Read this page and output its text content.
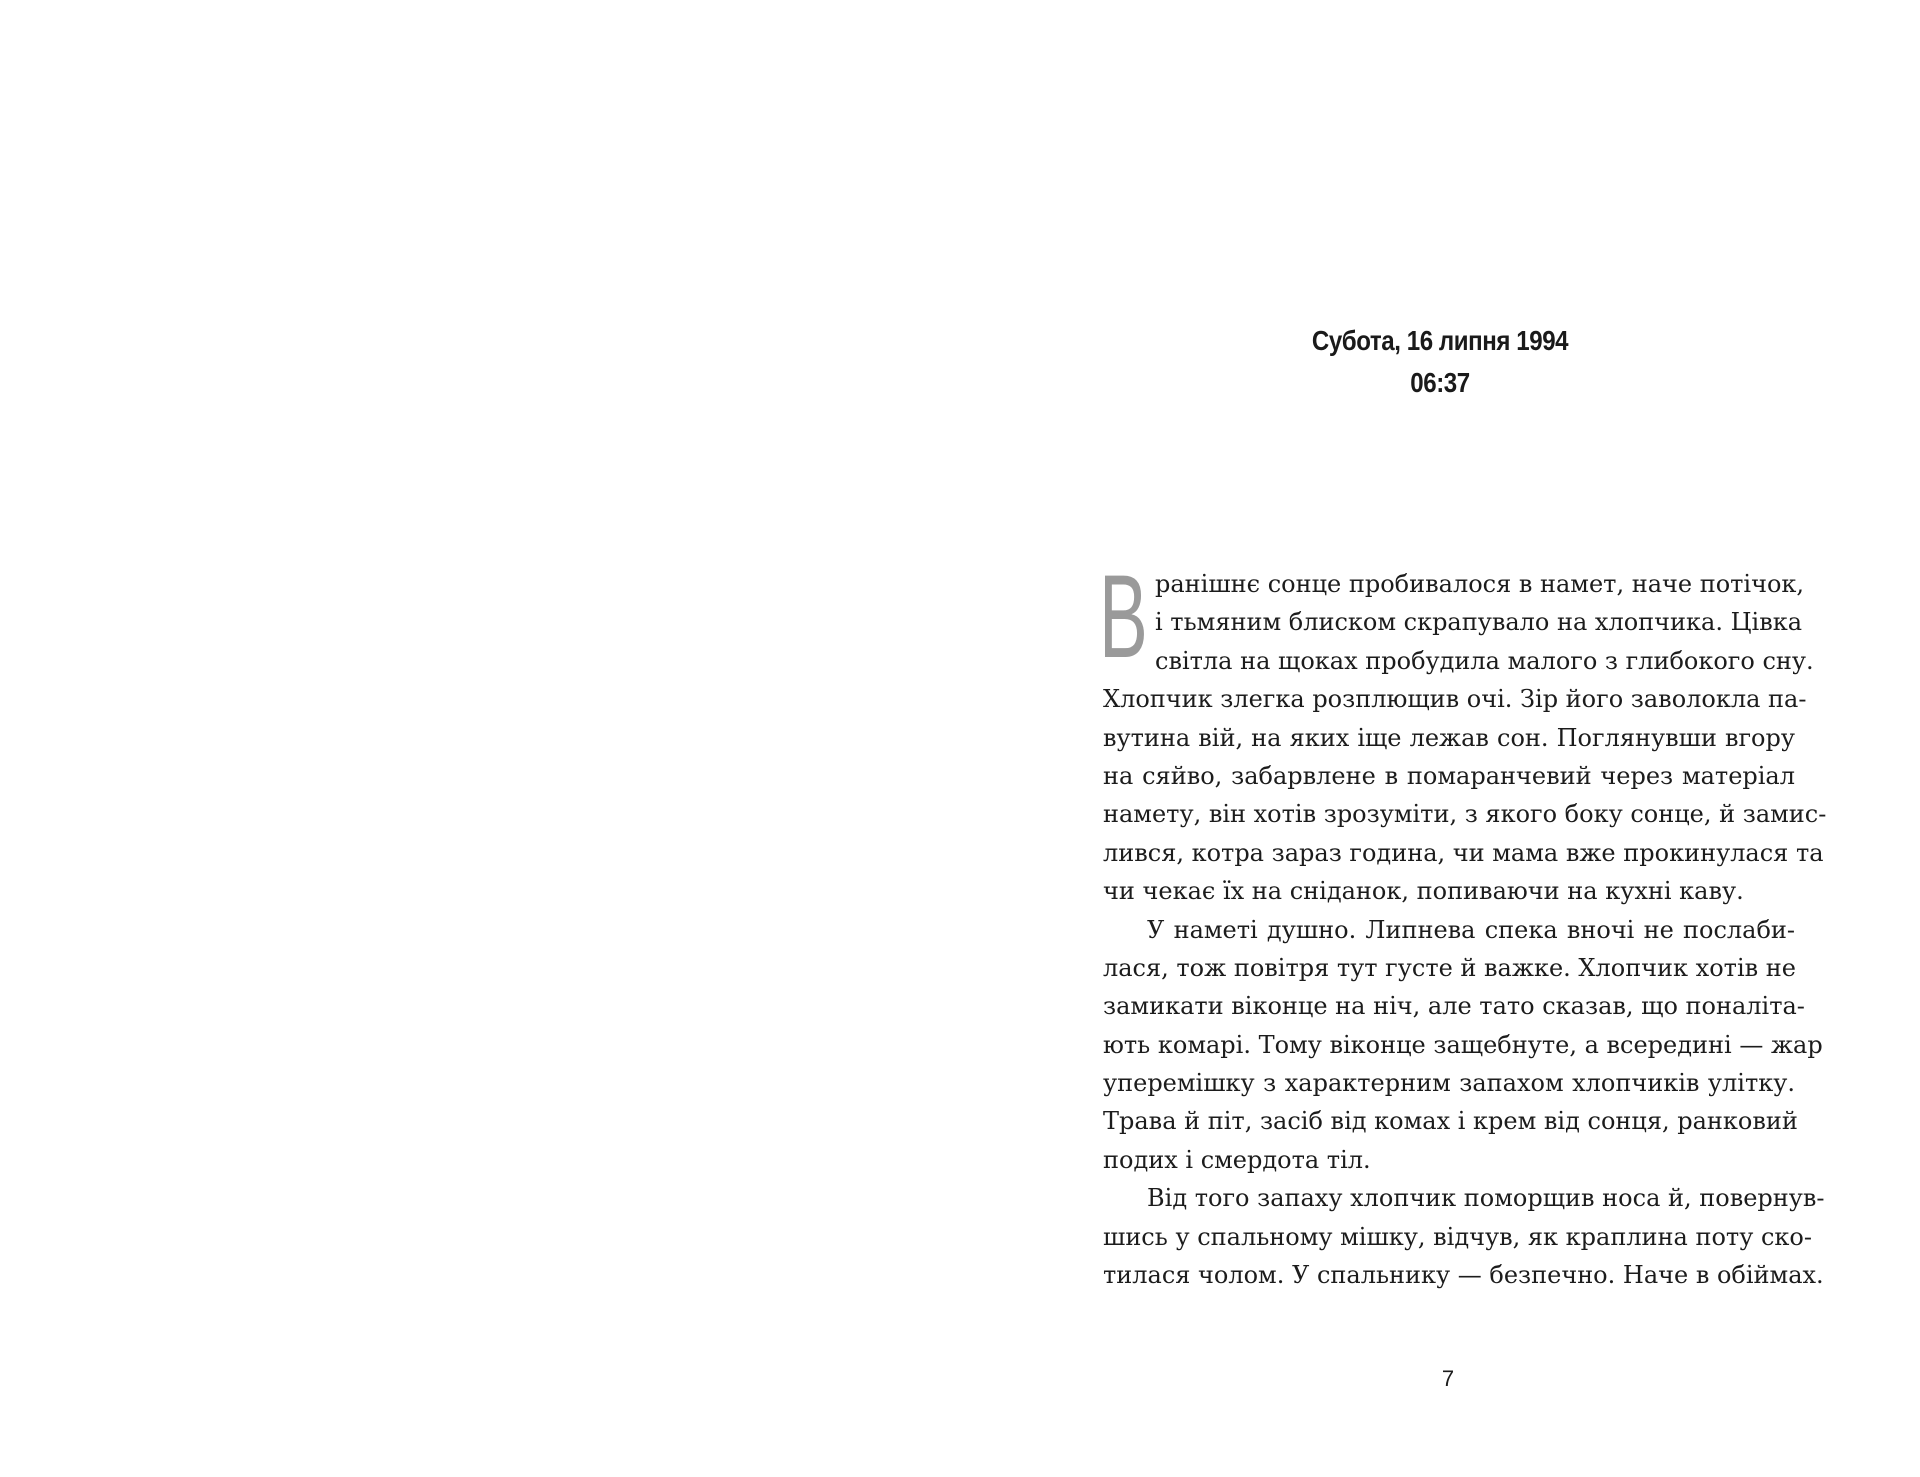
Субота, 16 липня 1994
06:37
В ранішнє сонце пробивалося в намет, наче потічок,
і тьмяним блиском скрапувало на хлопчика. Цівка
світла на щоках пробудила малого з глибокого сну.
Хлопчик злегка розплющив очі. Зір його заволокла па-
вутина вій, на яких іще лежав сон. Поглянувши вгору
на сяйво, забарвлене в помаранчевий через матеріал
намету, він хотів зрозуміти, з якого боку сонце, й замис-
лився, котра зараз година, чи мама вже прокинулася та
чи чекає їх на сніданок, попиваючи на кухні каву.
У наметі душно. Липнева спека вночі не послаби-
лася, тож повітря тут густе й важке. Хлопчик хотів не
замикати віконце на ніч, але тато сказав, що поналіта-
ють комарі. Тому віконце защебнуте, а всередині — жар
уперемішку з характерним запахом хлопчиків улітку.
Трава й піт, засіб від комах і крем від сонця, ранковий
подих і смердота тіл.
Від того запаху хлопчик поморщив носа й, повернув-
шись у спальному мішку, відчув, як краплина поту ско-
тилася чолом. У спальнику — безпечно. Наче в обіймах.
7
